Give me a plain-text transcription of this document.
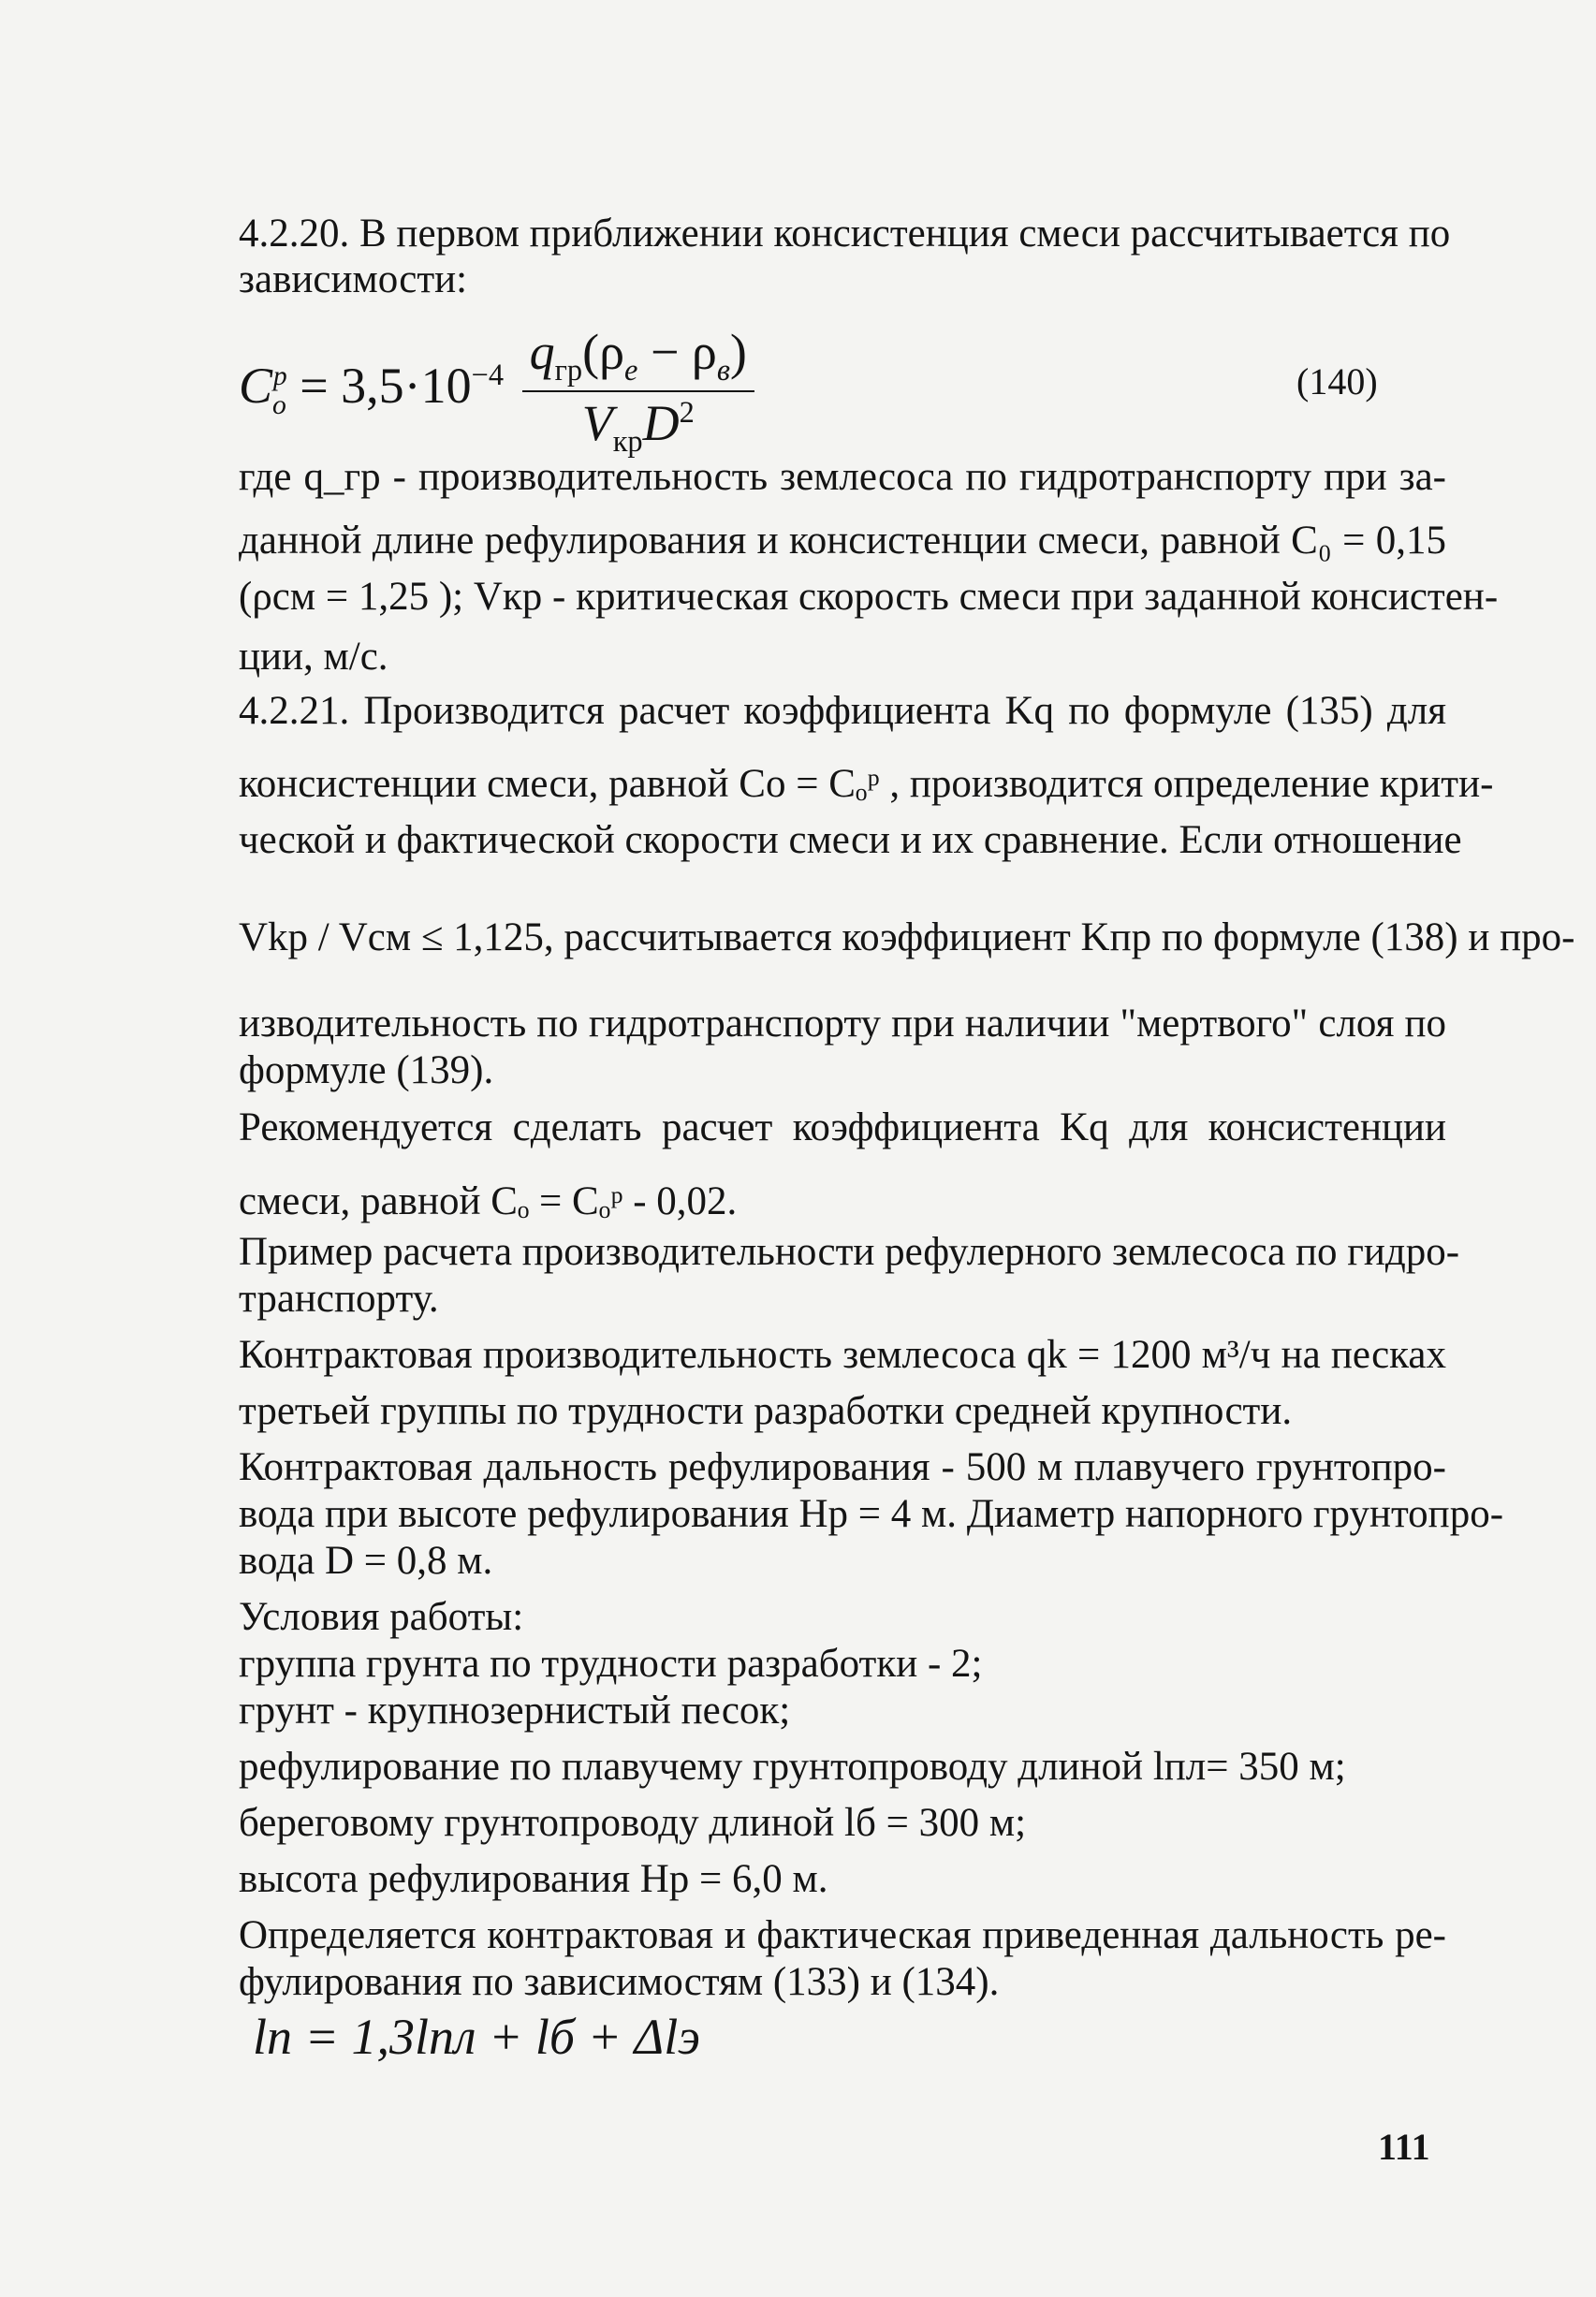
4.2.20. В первом приближении консистенция смеси рассчитывается по
зависимости:
$C_o^p = 3,5\cdot 10^{-4} \frac{q_{гр}(\rho_e - \rho_в)}{V_{кр}D^2}$	(140)
где q_гр - производительность землесоса по гидротранспорту при за-
данной длине рефулирования и консистенции смеси, равной C₀ = 0,15
(ρсм = 1,25 ); Vкр - критическая скорость смеси при заданной консистен-
ции, м/с.
4.2.21. Производится расчет коэффициента Kq по формуле (135) для
консистенции смеси, равной Со = Cₒᵖ , производится определение крити-
ческой и фактической скорости смеси и их сравнение. Если отношение
Vkp / Vсм ≤ 1,125, рассчитывается коэффициент Kпр по формуле (138) и про-
изводительность по гидротранспорту при наличии "мертвого" слоя по
формуле (139).
Рекомендуется сделать расчет коэффициента Kq для консистенции
смеси, равной Cₒ = Cₒᵖ - 0,02.
Пример расчета производительности рефулерного землесоса по гидро-
транспорту.
Контрактовая производительность землесоса qk = 1200 м³/ч на песках
третьей группы по трудности разработки средней крупности.
Контрактовая дальность рефулирования - 500 м плавучего грунтопро-
вода при высоте рефулирования Hр = 4 м. Диаметр напорного грунтопро-
вода D = 0,8 м.
Условия работы:
группа грунта по трудности разработки - 2;
грунт - крупнозернистый песок;
рефулирование по плавучему грунтопроводу длиной lпл= 350 м;
береговому грунтопроводу длиной lб = 300 м;
высота рефулирования Hр = 6,0 м.
Определяется контрактовая и фактическая приведенная дальность ре-
фулирования по зависимостям (133) и (134).
lп = 1,3lпл + lб + Δlэ
111
